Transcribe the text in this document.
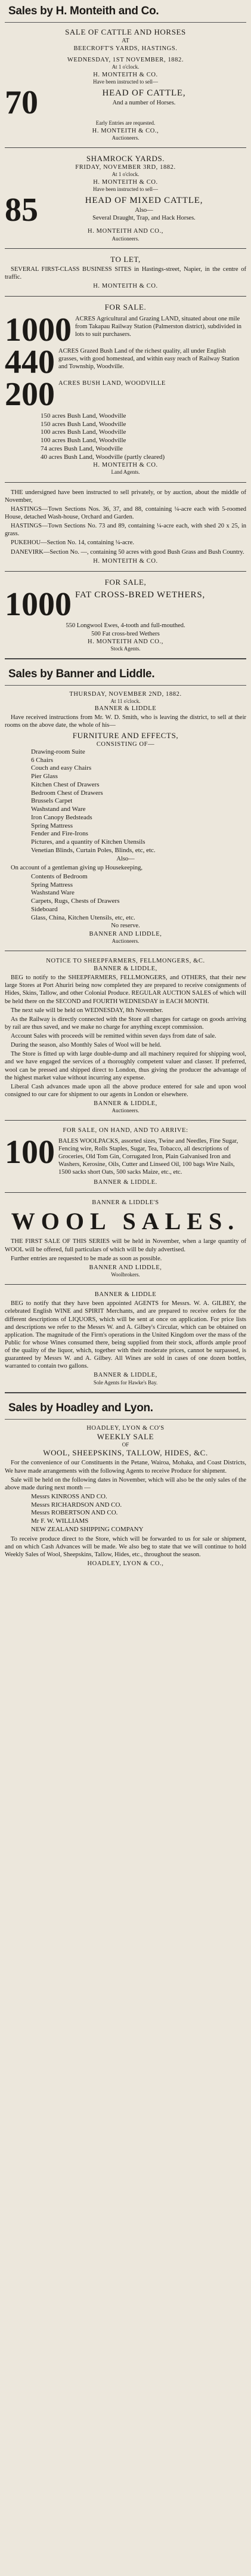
Sales by H. Monteith and Co.
SALE OF CATTLE AND HORSES
AT
BEECROFT'S YARDS, HASTINGS.
WEDNESDAY, 1ST NOVEMBER, 1882.
At 1 o'clock.
H. MONTEITH & CO.
Have been instructed to sell—
70	HEAD OF CATTLE,
And a number of Horses.
Early Entries are requested.
H. MONTEITH & CO.,
Auctioneers.
SHAMROCK YARDS.
FRIDAY, NOVEMBER 3RD, 1882.
At 1 o'clock.
H. MONTEITH & CO.
Have been instructed to sell—
85	HEAD OF MIXED CATTLE,
Also—
Several Draught, Trap, and Hack Horses.
H. MONTEITH AND CO.,
Auctioneers.
TO LET,

SEVERAL FIRST-CLASS BUSINESS SITES in Hastings-street, Napier, in the centre of traffic.

H. MONTEITH & CO.
FOR SALE.
1000 ACRES Agricultural and Grazing LAND, situated about one mile from Takapau Railway Station (Palmerston district), subdivided in lots to suit purchasers.
440 ACRES Grazed Bush Land of the richest quality, all under English grasses, with good homestead, and within easy reach of Railway Station and Township, Woodville.
200 ACRES BUSH LAND, WOODVILLE
150 acres Bush Land, Woodville
150 acres Bush Land, Woodville
100 acres Bush Land, Woodville
100 acres Bush Land, Woodville
74 acres Bush Land, Woodville
40 acres Bush Land, Woodville (partly cleared)
H. MONTEITH & CO.
Land Agents.

THE undersigned have been instructed to sell privately, or by auction, about the middle of November,

HASTINGS—Town Sections Nos. 36, 37, and 88, containing ¼-acre each with 5-roomed House, detached Wash-house, Orchard and Garden.

HASTINGS—Town Sections No. 73 and 89, containing ¼-acre each, with shed 20 x 25, in grass.

PUKEHOU—Section No. 14, containing ¼-acre.

DANEVIRK—Section No. —, containing 50 acres with good Bush Grass and Bush Country.

H. MONTEITH & CO.
FOR SALE,
1000 FAT CROSS-BRED WETHERS,
550 Longwool Ewes, 4-tooth and full-mouthed.
500 Fat cross-bred Wethers
H. MONTEITH AND CO.,
Stock Agents.
Sales by Banner and Liddle.
THURSDAY, NOVEMBER 2ND, 1882.
At 11 o'clock.
BANNER & LIDDLE

Have received instructions from Mr. W. D. Smith, who is leaving the district, to sell at their rooms on the above date, the whole of his—

FURNITURE AND EFFECTS,
CONSISTING OF—
Drawing-room Suite
6 Chairs
Couch and easy Chairs
Pier Glass
Kitchen Chest of Drawers
Bedroom Chest of Drawers
Brussels Carpet
Washstand and Ware
Iron Canopy Bedsteads
Spring Mattress
Fender and Fire-Irons
Pictures, and a quantity of Kitchen Utensils
Venetian Blinds, Curtain Poles, Blinds, etc, etc.
Also—

On account of a gentleman giving up Housekeeping,

Contents of Bedroom
Spring Mattress
Washstand Ware
Carpets, Rugs, Chests of Drawers
Sideboard
Glass, China, Kitchen Utensils, etc, etc.
No reserve.
BANNER AND LIDDLE,
Auctioneers.
NOTICE TO SHEEPFARMERS, FELLMONGERS, &C.
BANNER & LIDDLE,

BEG to notify to the SHEEPFARMERS, FELLMONGERS, and OTHERS, that their new large Stores at Port Ahuriri being now completed they are prepared to receive consignments of Hides, Skins, Tallow, and other Colonial Produce. REGULAR AUCTION SALES of which will be held there on the SECOND and FOURTH WEDNESDAY in EACH MONTH.

The next sale will be held on WEDNESDAY, 8th November.

As the Railway is directly connected with the Store all charges for cartage on goods arriving by rail are thus saved, and we make no charge for anything except commission.

Account Sales with proceeds will be remitted within seven days from date of sale.

During the season, also Monthly Sales of Wool will be held.

The Store is fitted up with large double-dump and all machinery required for shipping wool, and we have engaged the services of a thoroughly competent valuer and classer. If preferred, wool can be pressed and shipped direct to London, thus giving the producer the advantage of the highest market value without incurring any expense.

Liberal Cash advances made upon all the above produce entered for sale and upon wool consigned to our care for shipment to our agents in London or elsewhere.

BANNER & LIDDLE,
Auctioneers.
FOR SALE, ON HAND, AND TO ARRIVE:
100 BALES WOOLPACKS, assorted sizes, Twine and Needles, Fine Sugar, Fencing wire, Rolls Staples, Sugar, Tea, Tobacco, all descriptions of Groceries, Old Tom Gin, Corrugated Iron, Plain Galvanised Iron and Washers, Kerosine, Oils, Cutter and Linseed Oil, 100 bags Wire Nails, 1500 sacks short Oats, 500 sacks Maize, etc., etc.
BANNER & LIDDLE.
BANNER & LIDDLE'S
WOOL SALES.

THE FIRST SALE OF THIS SERIES will be held in November, when a large quantity of WOOL will be offered, full particulars of which will be duly advertised.

Further entries are requested to be made as soon as possible.

BANNER AND LIDDLE,
Woolbrokers.
BANNER & LIDDLE

BEG to notify that they have been appointed AGENTS for Messrs. W. A. GILBEY, the celebrated English WINE and SPIRIT Merchants, and are prepared to receive orders for the different descriptions of LIQUORS, which will be sent at once on application. For price lists and descriptions we refer to the Messrs W. and A. Gilbey's Circular, which can be obtained on application. The magnitude of the Firm's operations in the United Kingdom over the mass of the Public for whose Wines consumed there, being supplied from their stock, affords ample proof of the quality of the liquor, which, together with their moderate prices, cannot be surpassed, is guaranteed by Messrs W. and A. Gilbey. All Wines are sold in cases of one dozen bottles, warranted to contain two gallons.

BANNER & LIDDLE,
Sole Agents for Hawke's Bay.
Sales by Hoadley and Lyon.
HOADLEY, LYON & CO'S
WEEKLY SALE
OF
WOOL, SHEEPSKINS, TALLOW, HIDES, &C.

For the convenience of our Constituents in the Petane, Wairoa, Mohaka, and Coast Districts, We have made arrangements with the following Agents to receive Produce for shipment.

Sale will be held on the following dates in November, which will also be the only sales of the above made during next month —

Messrs KINROSS AND CO.
Messrs RICHARDSON AND CO.
Messrs ROBERTSON AND CO.
Mr F. W. WILLIAMS
NEW ZEALAND SHIPPING COMPANY

To receive produce direct to the Store, which will be forwarded to us for sale or shipment, and on which Cash Advances will be made. We also beg to state that we will continue to hold Weekly Sales of Wool, Sheepskins, Tallow, Hides, etc., throughout the season.

HOADLEY, LYON & CO.,
